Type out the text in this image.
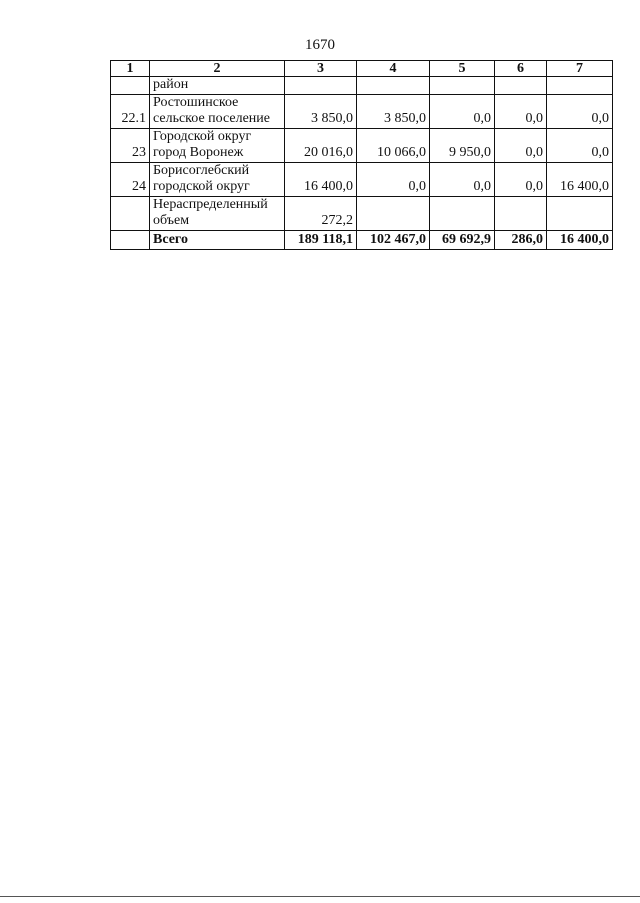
1670
1	2	3	4	5	6	7
	район					
22.1	Ростошинское сельское поселение	3 850,0	3 850,0	0,0	0,0	0,0
23	Городской округ город Воронеж	20 016,0	10 066,0	9 950,0	0,0	0,0
24	Борисоглебский городской округ	16 400,0	0,0	0,0	0,0	16 400,0
	Нераспределенный объем	272,2				
	Всего	189 118,1	102 467,0	69 692,9	286,0	16 400,0
